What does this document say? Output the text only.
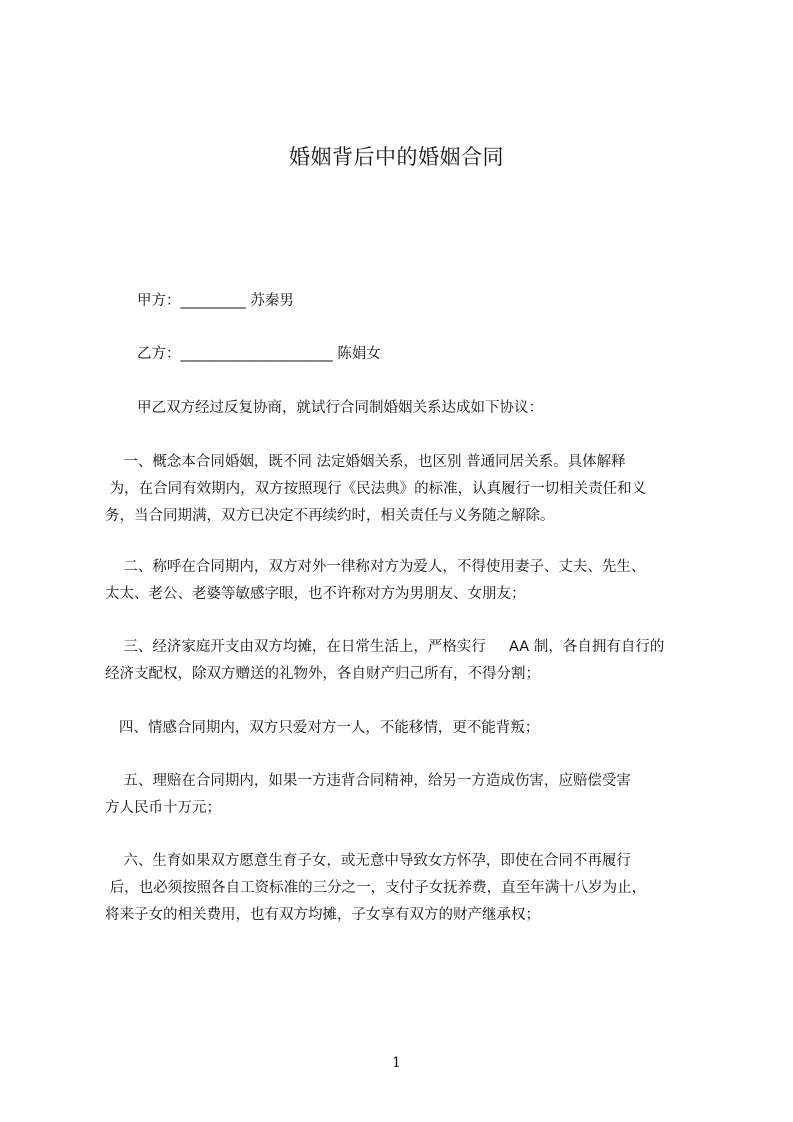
婚姻背后中的婚姻合同
甲方：_________ 苏秦男
乙方：_____________________ 陈娟女
甲乙双方经过反复协商，就试行合同制婚姻关系达成如下协议：
一、概念本合同婚姻，既不同 法定婚姻关系，也区别 普通同居关系。具体解释
为，在合同有效期内，双方按照现行《民法典》的标准，认真履行一切相关责任和义
务，当合同期满，双方已决定不再续约时，相关责任与义务随之解除。
二、称呼在合同期内，双方对外一律称对方为爱人，不得使用妻子、丈夫、先生、
太太、老公、老婆等敏感字眼，也不许称对方为男朋友、女朋友；
三、经济家庭开支由双方均摊，在日常生活上，严格实行     AA 制，各自拥有自行的
经济支配权，除双方赠送的礼物外，各自财产归己所有，不得分割；
四、情感合同期内，双方只爱对方一人，不能移情，更不能背叛；
五、理赔在合同期内，如果一方违背合同精神，给另一方造成伤害，应赔偿受害
方人民币十万元；
六、生育如果双方愿意生育子女，或无意中导致女方怀孕，即使在合同不再履行
后，也必须按照各自工资标准的三分之一，支付子女抚养费，直至年满十八岁为止，
将来子女的相关费用，也有双方均摊，子女享有双方的财产继承权；
1
